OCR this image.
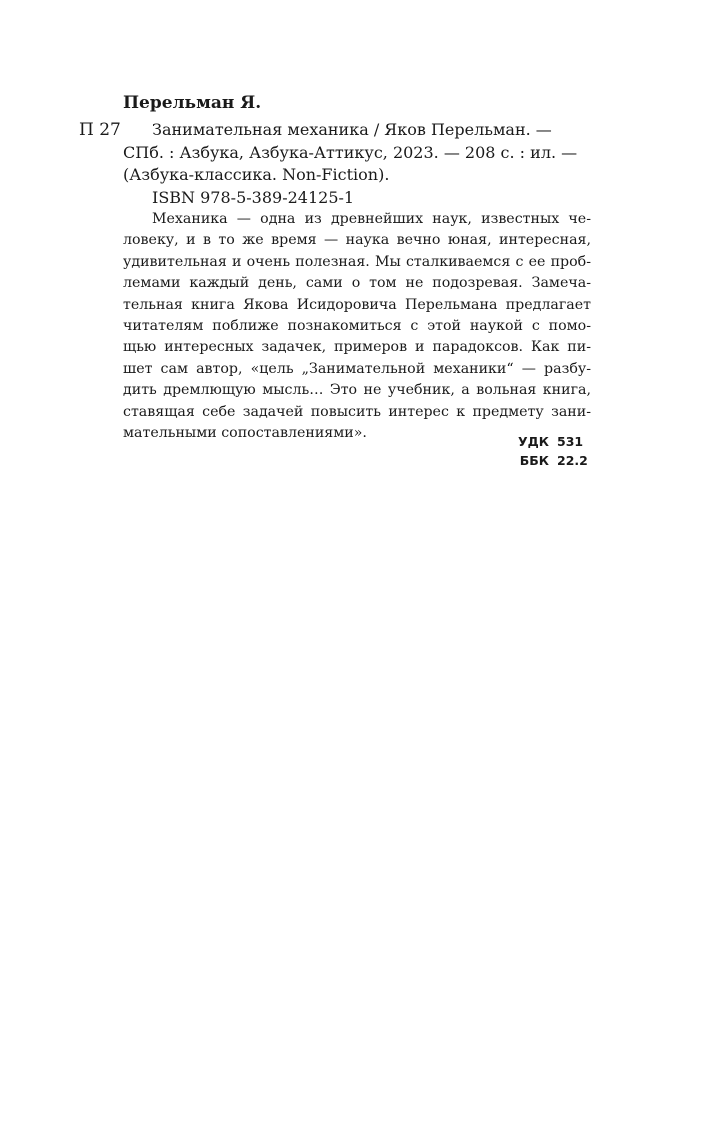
Перельман Я.
П 27	Занимательная механика / Яков Перельман. —
СПб. : Азбука, Азбука-Аттикус, 2023. — 208 с. : ил. —
(Азбука-классика. Non-Fiction).
ISBN 978-5-389-24125-1
Механика — одна из древнейших наук, известных че-
ловеку, и в то же время — наука вечно юная, интересная,
удивительная и очень полезная. Мы сталкиваемся с ее проб-
лемами каждый день, сами о том не подозревая. Замеча-
тельная книга Якова Исидоровича Перельмана предлагает
читателям поближе познакомиться с этой наукой с помо-
щью интересных задачек, примеров и парадоксов. Как пи-
шет сам автор, «цель „Занимательной механики“ — разбу-
дить дремлющую мысль… Это не учебник, а вольная книга,
ставящая себе задачей повысить интерес к предмету зани-
мательными сопоставлениями».
УДК 531
ББК 22.2
